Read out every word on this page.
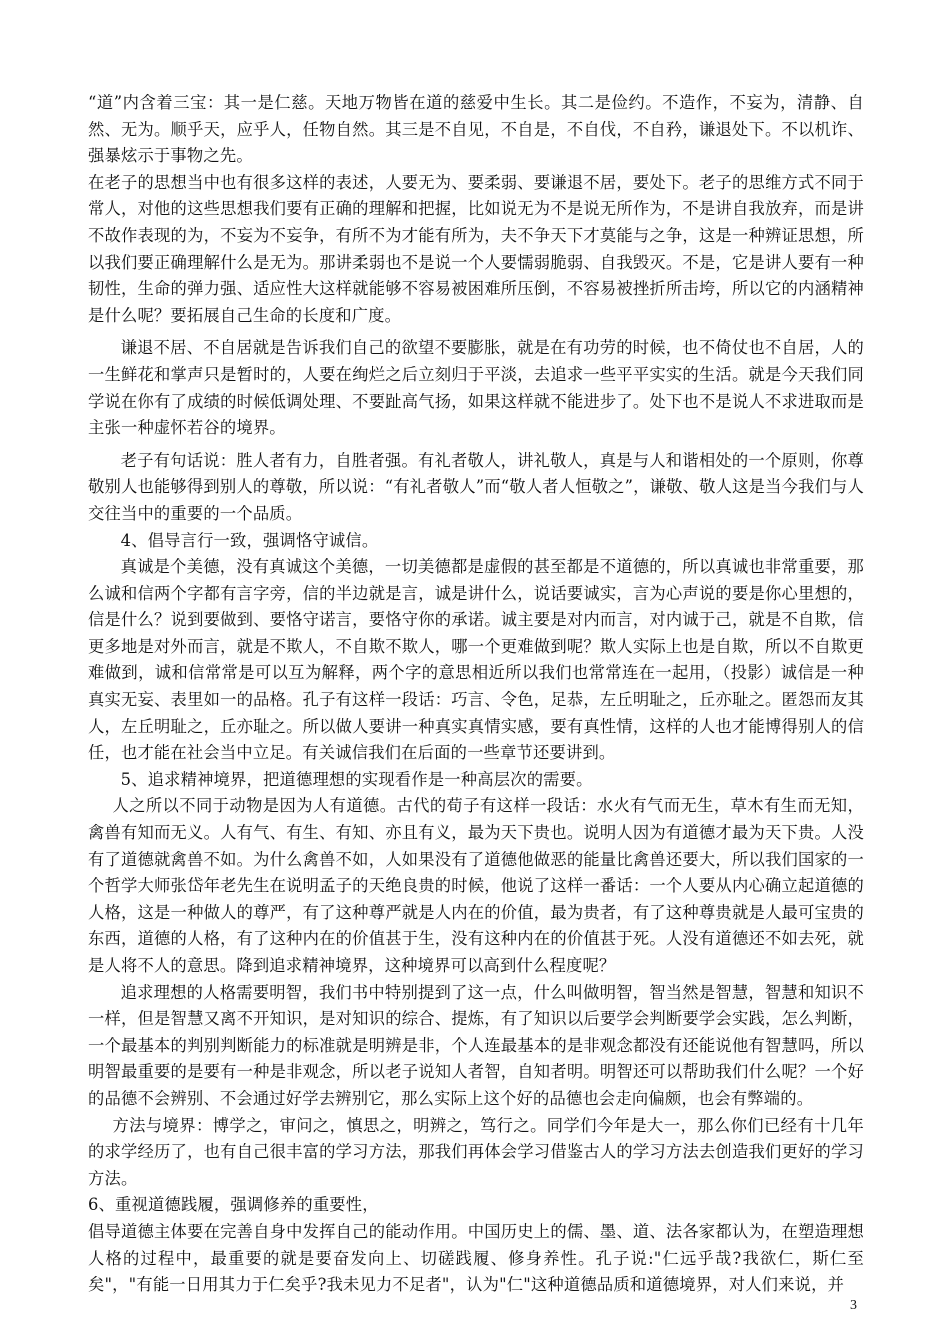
“道”内含着三宝：其一是仁慈。天地万物皆在道的慈爱中生长。其二是俭约。不造作，不妄为，清静、自然、无为。顺乎天，应乎人，任物自然。其三是不自见，不自是，不自伐，不自矜，谦退处下。不以机诈、强暴炫示于事物之先。

在老子的思想当中也有很多这样的表述，人要无为、要柔弱、要谦退不居，要处下。老子的思维方式不同于常人，对他的这些思想我们要有正确的理解和把握，比如说无为不是说无所作为，不是讲自我放弃，而是讲不故作表现的为，不妄为不妄争，有所不为才能有所为，夫不争天下才莫能与之争，这是一种辨证思想，所以我们要正确理解什么是无为。那讲柔弱也不是说一个人要懦弱脆弱、自我毁灭。不是，它是讲人要有一种韧性，生命的弹力强、适应性大这样就能够不容易被困难所压倒，不容易被挫折所击垮，所以它的内涵精神是什么呢？要拓展自己生命的长度和广度。

谦退不居、不自居就是告诉我们自己的欲望不要膨胀，就是在有功劳的时候，也不倚仗也不自居，人的一生鲜花和掌声只是暂时的，人要在绚烂之后立刻归于平淡，去追求一些平平实实的生活。就是今天我们同学说在你有了成绩的时候低调处理、不要趾高气扬，如果这样就不能进步了。处下也不是说人不求进取而是主张一种虚怀若谷的境界。

老子有句话说：胜人者有力，自胜者强。有礼者敬人，讲礼敬人，真是与人和谐相处的一个原则，你尊敬别人也能够得到别人的尊敬，所以说：“有礼者敬人”而“敬人者人恒敬之”，谦敬、敬人这是当今我们与人交往当中的重要的一个品质。

4、倡导言行一致，强调恪守诚信。

真诚是个美德，没有真诚这个美德，一切美德都是虚假的甚至都是不道德的，所以真诚也非常重要，那么诚和信两个字都有言字旁，信的半边就是言，诚是讲什么，说话要诚实，言为心声说的要是你心里想的，信是什么？说到要做到、要恪守诺言，要恪守你的承诺。诚主要是对内而言，对内诚于己，就是不自欺，信更多地是对外而言，就是不欺人，不自欺不欺人，哪一个更难做到呢？欺人实际上也是自欺，所以不自欺更难做到，诚和信常常是可以互为解释，两个字的意思相近所以我们也常常连在一起用，（投影）诚信是一种真实无妄、表里如一的品格。孔子有这样一段话：巧言、令色，足恭，左丘明耻之，丘亦耻之。匿怨而友其人，左丘明耻之，丘亦耻之。所以做人要讲一种真实真情实感，要有真性情，这样的人也才能博得别人的信任，也才能在社会当中立足。有关诚信我们在后面的一些章节还要讲到。

5、追求精神境界，把道德理想的实现看作是一种高层次的需要。

人之所以不同于动物是因为人有道德。古代的荀子有这样一段话：水火有气而无生，草木有生而无知，禽兽有知而无义。人有气、有生、有知、亦且有义，最为天下贵也。说明人因为有道德才最为天下贵。人没有了道德就禽兽不如。为什么禽兽不如，人如果没有了道德他做恶的能量比禽兽还要大，所以我们国家的一个哲学大师张岱年老先生在说明孟子的天绝良贵的时候，他说了这样一番话：一个人要从内心确立起道德的人格，这是一种做人的尊严，有了这种尊严就是人内在的价值，最为贵者，有了这种尊贵就是人最可宝贵的东西，道德的人格，有了这种内在的价值甚于生，没有这种内在的价值甚于死。人没有道德还不如去死，就是人将不人的意思。降到追求精神境界，这种境界可以高到什么程度呢？

追求理想的人格需要明智，我们书中特别提到了这一点，什么叫做明智，智当然是智慧，智慧和知识不一样，但是智慧又离不开知识，是对知识的综合、提炼，有了知识以后要学会判断要学会实践，怎么判断，一个最基本的判别判断能力的标准就是明辨是非，个人连最基本的是非观念都没有还能说他有智慧吗，所以明智最重要的是要有一种是非观念，所以老子说知人者智，自知者明。明智还可以帮助我们什么呢？一个好的品德不会辨别、不会通过好学去辨别它，那么实际上这个好的品德也会走向偏颇，也会有弊端的。

方法与境界：博学之，审问之，慎思之，明辨之，笃行之。同学们今年是大一，那么你们已经有十几年的求学经历了，也有自己很丰富的学习方法，那我们再体会学习借鉴古人的学习方法去创造我们更好的学习方法。

6、重视道德践履，强调修养的重要性，

倡导道德主体要在完善自身中发挥自己的能动作用。中国历史上的儒、墨、道、法各家都认为，在塑造理想人格的过程中，最重要的就是要奋发向上、切磋践履、修身养性。孔子说:"仁远乎哉?我欲仁，斯仁至矣"，"有能一日用其力于仁矣乎?我未见力不足者"，认为"仁"这种道德品质和道德境界，对人们来说，并

3
